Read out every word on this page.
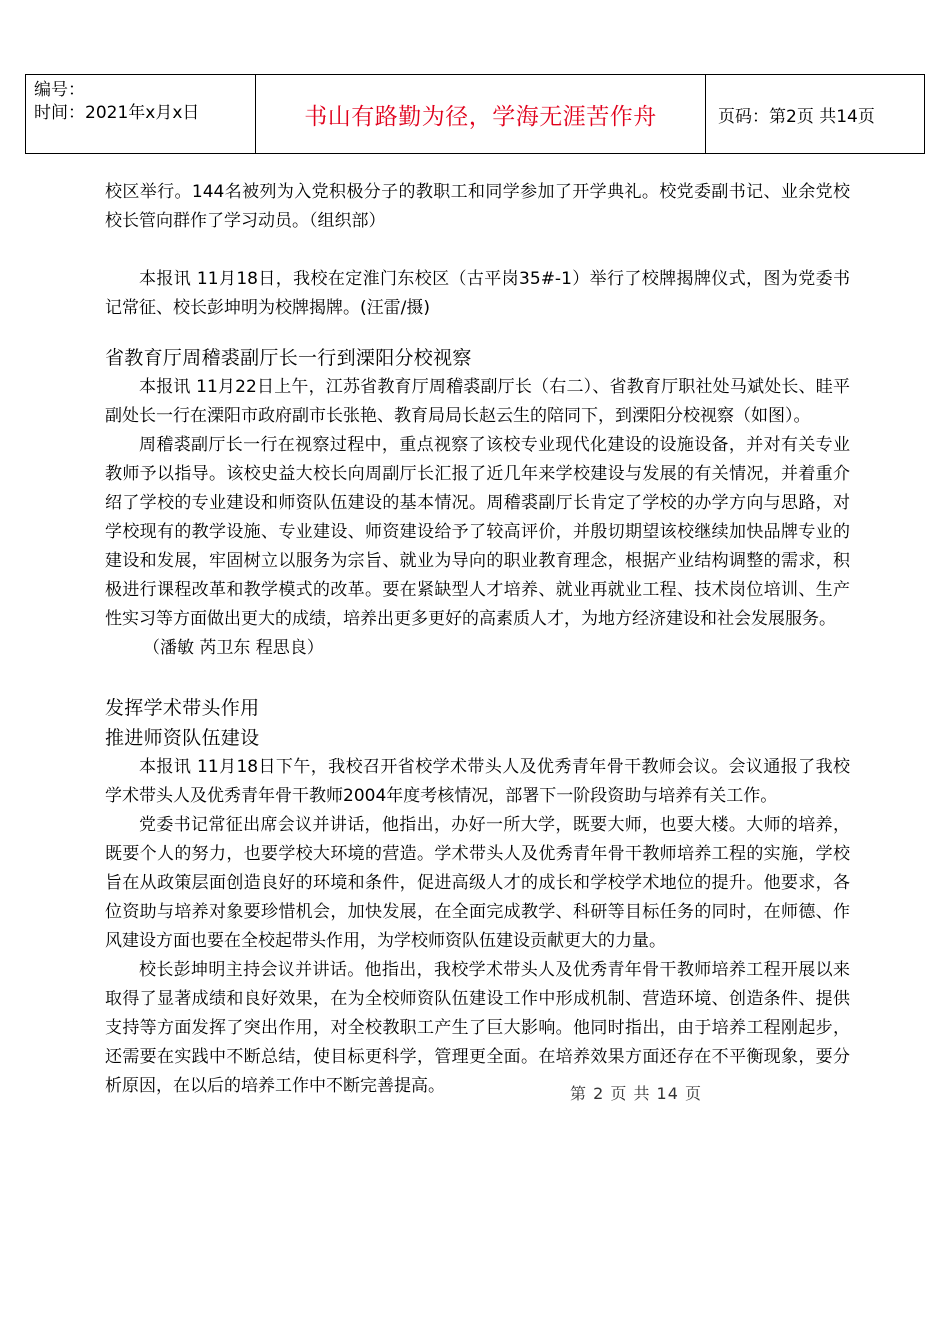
编号：
时间：2021年x月x日	书山有路勤为径，学海无涯苦作舟	页码：第2页 共14页

校区举行。144名被列为入党积极分子的教职工和同学参加了开学典礼。校党委副书记、业余党校校长管向群作了学习动员。（组织部）

本报讯 11月18日，我校在定淮门东校区（古平岗35#-1）举行了校牌揭牌仪式，图为党委书记常征、校长彭坤明为校牌揭牌。(汪雷/摄)

省教育厅周稽裘副厅长一行到溧阳分校视察

本报讯 11月22日上午，江苏省教育厅周稽裘副厅长（右二）、省教育厅职社处马斌处长、眭平副处长一行在溧阳市政府副市长张艳、教育局局长赵云生的陪同下，到溧阳分校视察（如图）。

周稽裘副厅长一行在视察过程中，重点视察了该校专业现代化建设的设施设备，并对有关专业教师予以指导。该校史益大校长向周副厅长汇报了近几年来学校建设与发展的有关情况，并着重介绍了学校的专业建设和师资队伍建设的基本情况。周稽裘副厅长肯定了学校的办学方向与思路，对学校现有的教学设施、专业建设、师资建设给予了较高评价，并殷切期望该校继续加快品牌专业的建设和发展，牢固树立以服务为宗旨、就业为导向的职业教育理念，根据产业结构调整的需求，积极进行课程改革和教学模式的改革。要在紧缺型人才培养、就业再就业工程、技术岗位培训、生产性实习等方面做出更大的成绩，培养出更多更好的高素质人才，为地方经济建设和社会发展服务。

（潘敏 芮卫东 程思良）

发挥学术带头作用

推进师资队伍建设

本报讯 11月18日下午，我校召开省校学术带头人及优秀青年骨干教师会议。会议通报了我校学术带头人及优秀青年骨干教师2004年度考核情况，部署下一阶段资助与培养有关工作。

党委书记常征出席会议并讲话，他指出，办好一所大学，既要大师，也要大楼。大师的培养，既要个人的努力，也要学校大环境的营造。学术带头人及优秀青年骨干教师培养工程的实施，学校旨在从政策层面创造良好的环境和条件，促进高级人才的成长和学校学术地位的提升。他要求，各位资助与培养对象要珍惜机会，加快发展，在全面完成教学、科研等目标任务的同时，在师德、作风建设方面也要在全校起带头作用，为学校师资队伍建设贡献更大的力量。

校长彭坤明主持会议并讲话。他指出，我校学术带头人及优秀青年骨干教师培养工程开展以来取得了显著成绩和良好效果，在为全校师资队伍建设工作中形成机制、营造环境、创造条件、提供支持等方面发挥了突出作用，对全校教职工产生了巨大影响。他同时指出，由于培养工程刚起步，还需要在实践中不断总结，使目标更科学，管理更全面。在培养效果方面还存在不平衡现象，要分析原因，在以后的培养工作中不断完善提高。	第 2 页 共 14 页
